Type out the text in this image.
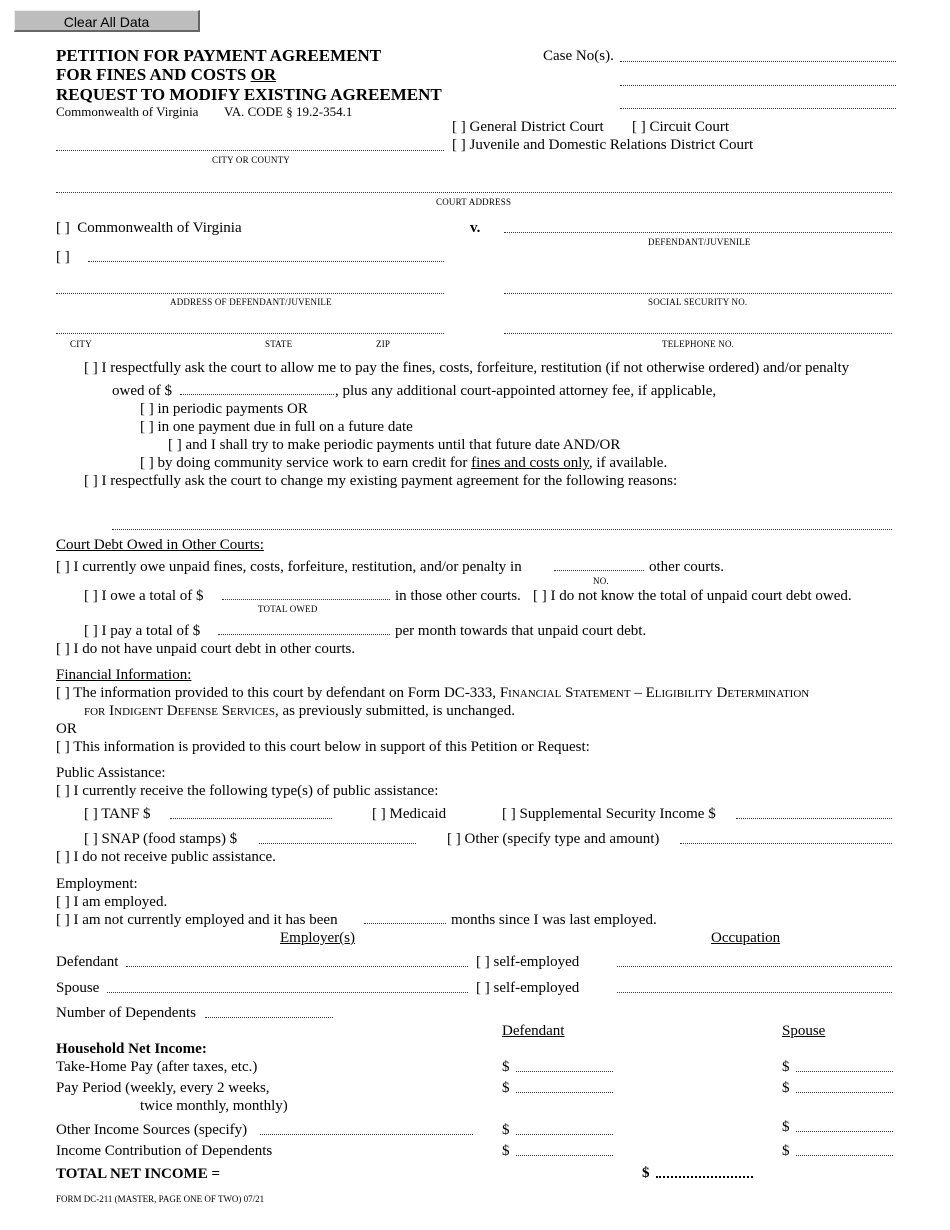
Clear All Data
PETITION FOR PAYMENT AGREEMENT
FOR FINES AND COSTS OR
REQUEST TO MODIFY EXISTING AGREEMENT
Commonwealth of Virginia VA. CODE § 19.2-354.1
Case No(s).
[ ] General District Court [ ] Circuit Court
[ ] Juvenile and Domestic Relations District Court
CITY OR COUNTY
COURT ADDRESS
[ ] Commonwealth of Virginia	v.
DEFENDANT/JUVENILE
[ ]
ADDRESS OF DEFENDANT/JUVENILE	SOCIAL SECURITY NO.
CITY	STATE	ZIP	TELEPHONE NO.
[ ] I respectfully ask the court to allow me to pay the fines, costs, forfeiture, restitution (if not otherwise ordered) and/or penalty
owed of $	, plus any additional court-appointed attorney fee, if applicable,
[ ] in periodic payments OR
[ ] in one payment due in full on a future date
[ ] and I shall try to make periodic payments until that future date AND/OR
[ ] by doing community service work to earn credit for fines and costs only, if available.
[ ] I respectfully ask the court to change my existing payment agreement for the following reasons:
Court Debt Owed in Other Courts:
[ ] I currently owe unpaid fines, costs, forfeiture, restitution, and/or penalty in
NO.
other courts.
[ ] I owe a total of $
TOTAL OWED
in those other courts. [ ] I do not know the total of unpaid court debt owed.
[ ] I pay a total of $	per month towards that unpaid court debt.
[ ] I do not have unpaid court debt in other courts.
Financial Information:
[ ] The information provided to this court by defendant on Form DC-333, Financial Statement – Eligibility Determination
for Indigent Defense Services, as previously submitted, is unchanged.
OR
[ ] This information is provided to this court below in support of this Petition or Request:
Public Assistance:
[ ] I currently receive the following type(s) of public assistance:
[ ] TANF $	[ ] Medicaid	[ ] Supplemental Security Income $
[ ] SNAP (food stamps) $	[ ] Other (specify type and amount)
[ ] I do not receive public assistance.
Employment:
[ ] I am employed.
[ ] I am not currently employed and it has been	months since I was last employed.
Employer(s)	Occupation
Defendant	[ ] self-employed
Spouse	[ ] self-employed
Number of Dependents
Defendant	Spouse
Household Net Income:
Take-Home Pay (after taxes, etc.)	$	$
Pay Period (weekly, every 2 weeks,
twice monthly, monthly)
$	$
Other Income Sources (specify)	$	$
Income Contribution of Dependents	$	$
TOTAL NET INCOME =	$
FORM DC-211 (MASTER, PAGE ONE OF TWO) 07/21
